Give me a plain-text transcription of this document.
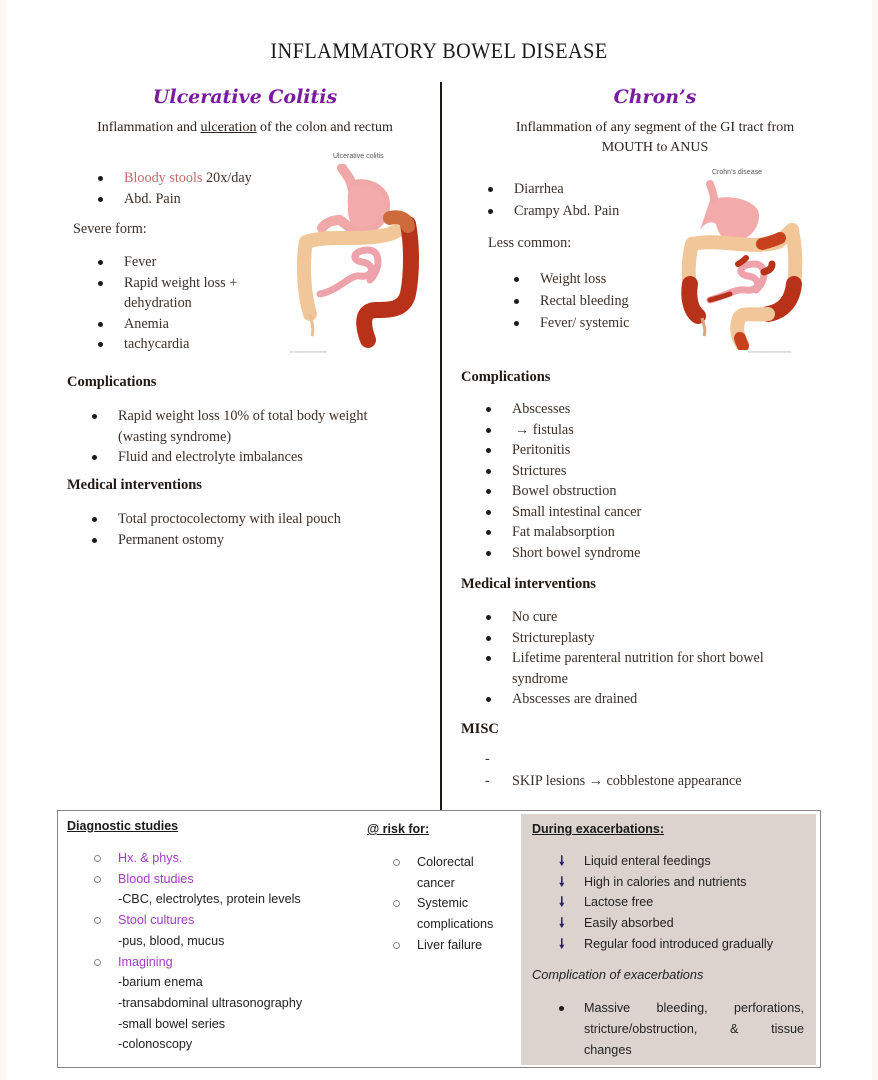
INFLAMMATORY BOWEL DISEASE
Ulcerative Colitis
Inflammation and ulceration of the colon and rectum
Bloody stools 20x/day
Abd. Pain
Severe form:
Fever
Rapid weight loss +
dehydration
Anemia
tachycardia
Ulcerative colitis
━━ ━━━━━━━━━━━━━━━━━━
Complications
Rapid weight loss 10% of total body weight
(wasting syndrome)
Fluid and electrolyte imbalances
Medical interventions
Total proctocolectomy with ileal pouch
Permanent ostomy
Chron’s
Inflammation of any segment of the GI tract from
MOUTH to ANUS
Diarrhea
Crampy Abd. Pain
Less common:
Weight loss
Rectal bleeding
Fever/ systemic
Crohn's disease
━━━━━━━━━━━━━━━━━━━━━━━━
Complications
Abscesses
→ fistulas
Peritonitis
Strictures
Bowel obstruction
Small intestinal cancer
Fat malabsorption
Short bowel syndrome
Medical interventions
No cure
Strictureplasty
Lifetime parenteral nutrition for short bowel
syndrome
Abscesses are drained
MISC
-
- SKIP lesions → cobblestone appearance
Diagnostic studies
Hx. & phys.
Blood studies
-CBC, electrolytes, protein levels
Stool cultures
-pus, blood, mucus
Imagining
-barium enema
-transabdominal ultrasonography
-small bowel series
-colonoscopy
@ risk for:
Colorectal
cancer
Systemic
complications
Liver failure
During exacerbations:
🠗 Liquid enteral feedings
🠗 High in calories and nutrients
🠗 Lactose free
🠗 Easily absorbed
🠗 Regular food introduced gradually
Complication of exacerbations
Massive bleeding, perforations,
stricture/obstruction, & tissue
changes
